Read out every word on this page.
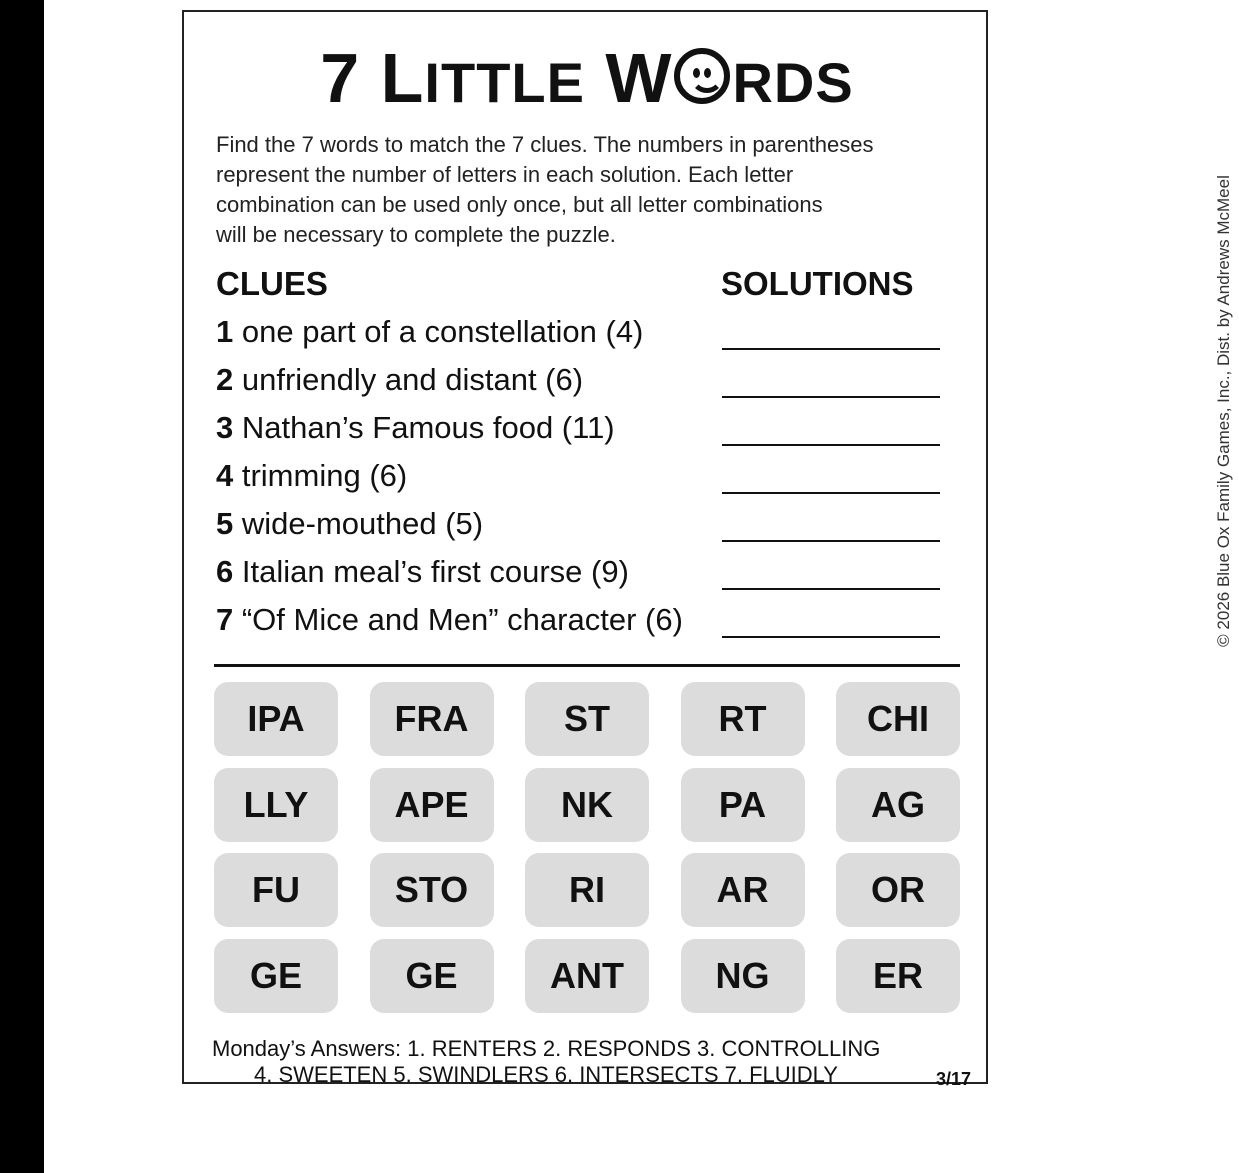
7 LITTLE W RDS
Find the 7 words to match the 7 clues. The numbers in parentheses
represent the number of letters in each solution. Each letter
combination can be used only once, but all letter combinations
will be necessary to complete the puzzle.	© 2026 Blue Ox Family Games, Inc., Dist. by Andrews McMeel
CLUES	SOLUTIONS
1 one part of a constellation (4)
2 unfriendly and distant (6)
3 Nathan’s Famous food (11)
4 trimming (6)
5 wide-mouthed (5)
6 Italian meal’s first course (9)
7 “Of Mice and Men” character (6)
IPA	FRA	ST	RT	CHI
LLY	APE	NK	PA	AG
FU	STO	RI	AR	OR
GE	GE	ANT	NG	ER
Monday’s Answers: 1. RENTERS 2. RESPONDS 3. CONTROLLING
4. SWEETEN 5. SWINDLERS 6. INTERSECTS 7. FLUIDLY	3/17
